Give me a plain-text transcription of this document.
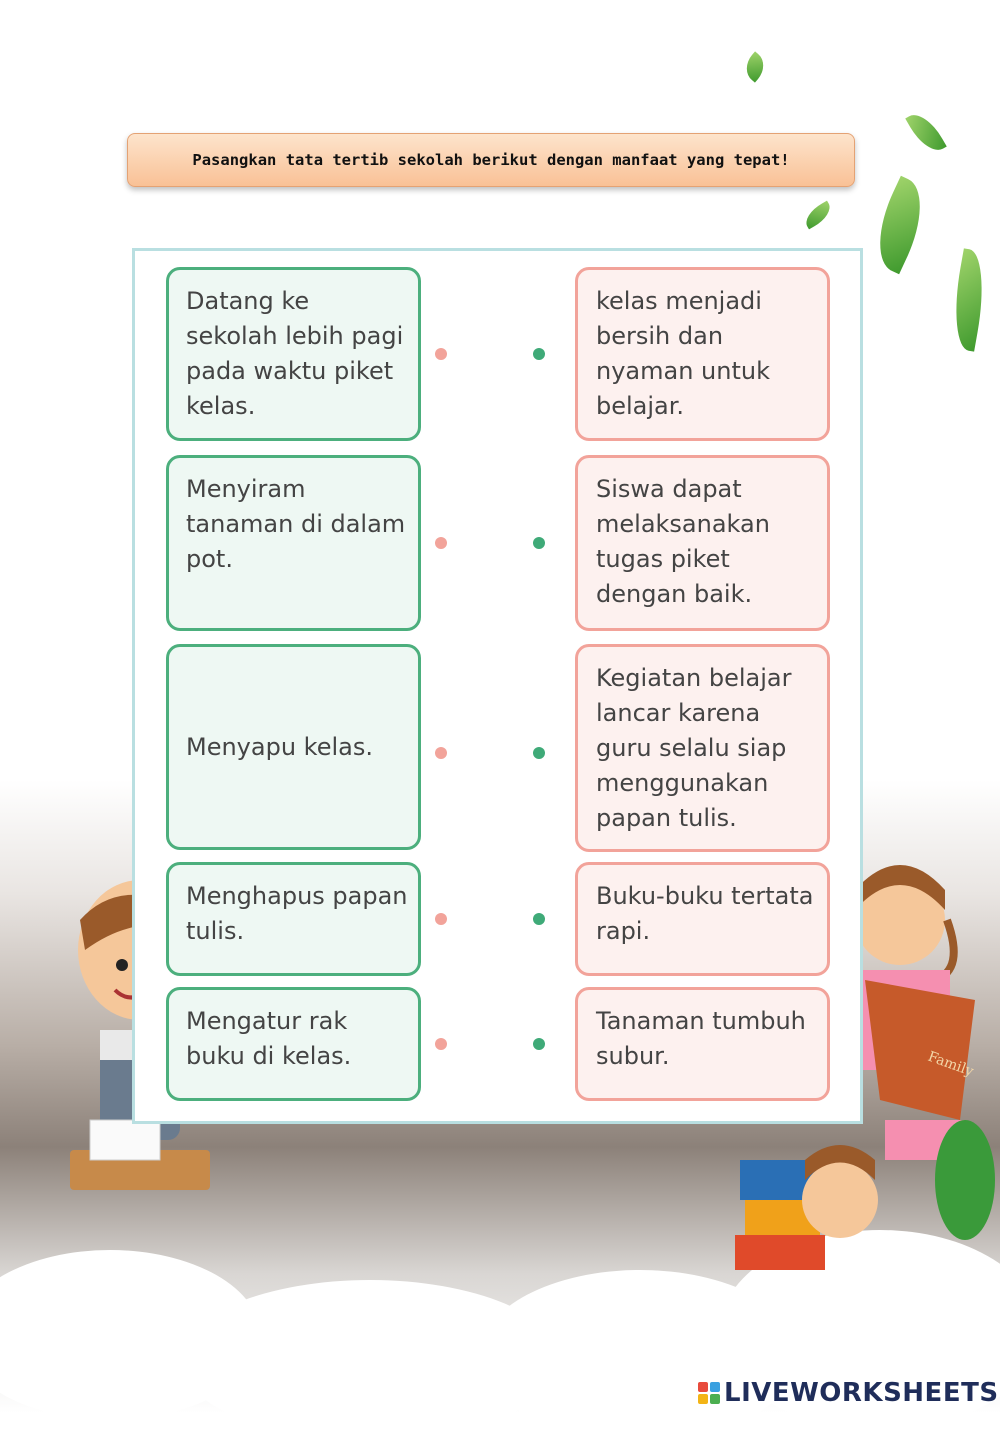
Family
Pasangkan tata tertib sekolah berikut dengan manfaat yang tepat!
Datang ke sekolah lebih pagi pada waktu piket kelas.
kelas menjadi bersih dan nyaman untuk belajar.
Menyiram tanaman di dalam pot.
Siswa dapat melaksanakan tugas piket dengan baik.
Menyapu kelas.
Kegiatan belajar lancar karena guru selalu siap menggunakan papan tulis.
Menghapus papan tulis.
Buku-buku tertata rapi.
Mengatur rak buku di kelas.
Tanaman tumbuh subur.
LIVEWORKSHEETS
